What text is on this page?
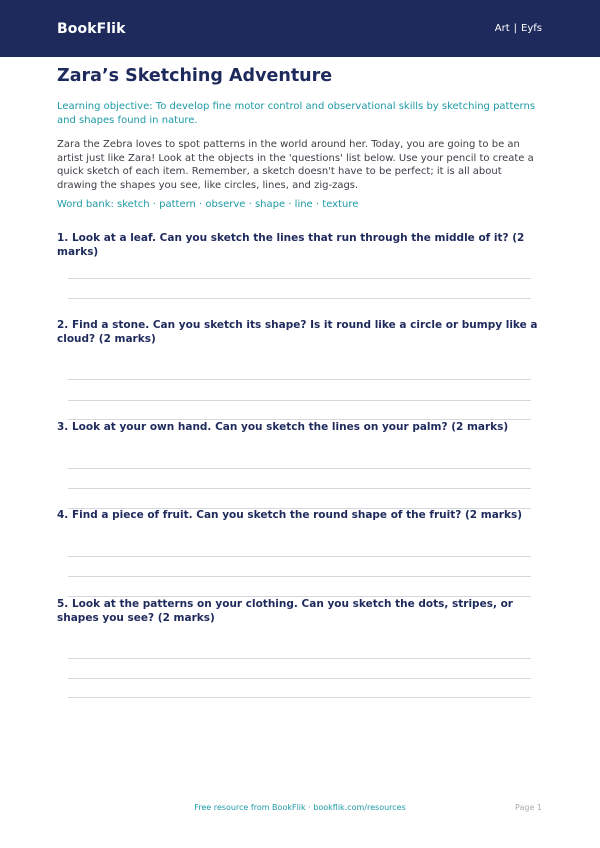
BookFlik	Art | Eyfs
Zara’s Sketching Adventure
Learning objective: To develop fine motor control and observational skills by sketching patterns and shapes found in nature.
Zara the Zebra loves to spot patterns in the world around her. Today, you are going to be an artist just like Zara! Look at the objects in the 'questions' list below. Use your pencil to create a quick sketch of each item. Remember, a sketch doesn't have to be perfect; it is all about drawing the shapes you see, like circles, lines, and zig-zags.
Word bank: sketch · pattern · observe · shape · line · texture
1. Look at a leaf. Can you sketch the lines that run through the middle of it? (2 marks)
2. Find a stone. Can you sketch its shape? Is it round like a circle or bumpy like a cloud? (2 marks)
3. Look at your own hand. Can you sketch the lines on your palm? (2 marks)
4. Find a piece of fruit. Can you sketch the round shape of the fruit? (2 marks)
5. Look at the patterns on your clothing. Can you sketch the dots, stripes, or shapes you see? (2 marks)
Free resource from BookFlik · bookflik.com/resources	Page 1
